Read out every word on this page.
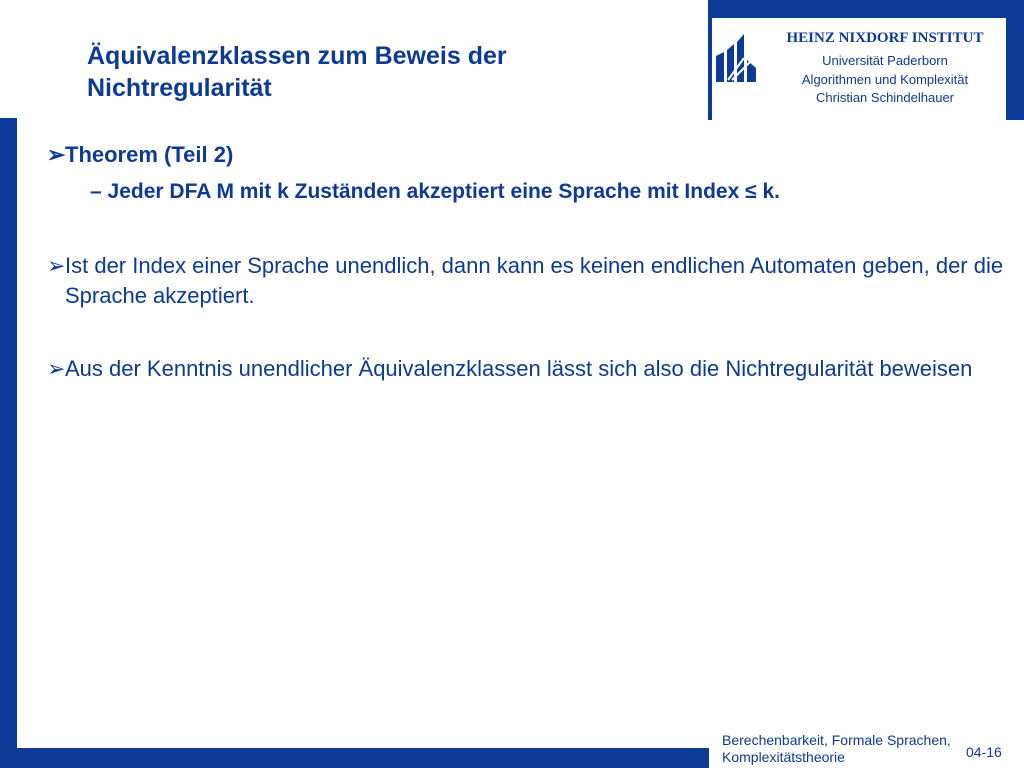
HEINZ NIXDORF INSTITUT
Universität Paderborn
Algorithmen und Komplexität
Christian Schindelhauer
Äquivalenzklassen zum Beweis der
Nichtregularität
➢ Theorem (Teil 2)
– Jeder DFA M mit k Zuständen akzeptiert eine Sprache mit Index ≤ k.
➢ Ist der Index einer Sprache unendlich, dann kann es keinen endlichen Automaten geben, der die Sprache akzeptiert.
➢ Aus der Kenntnis unendlicher Äquivalenzklassen lässt sich also die Nichtregularität beweisen
Berechenbarkeit, Formale Sprachen,
Komplexitätstheorie	04-16
